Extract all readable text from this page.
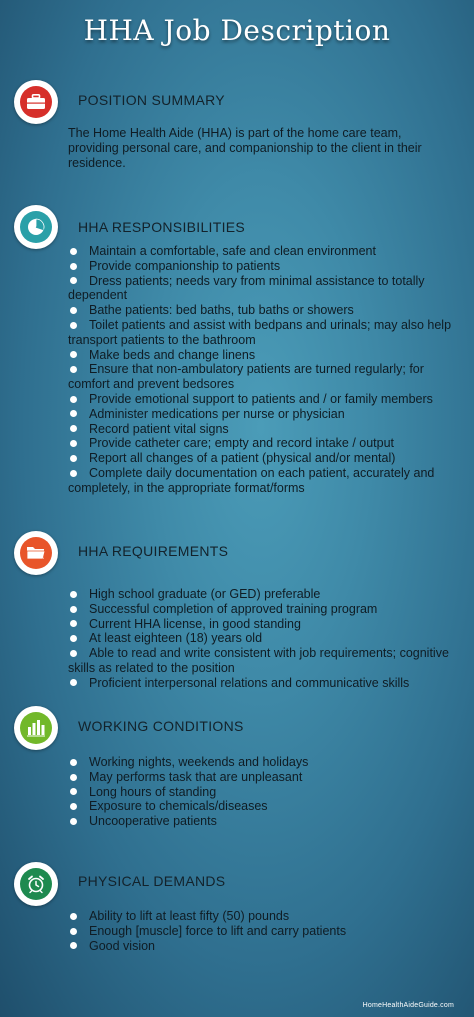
HHA Job Description
POSITION SUMMARY
The Home Health Aide (HHA) is part of the home care team, providing personal care, and companionship to the client in their residence.
HHA RESPONSIBILITIES
Maintain a comfortable, safe and clean environment
Provide companionship to patients
Dress patients; needs vary from minimal assistance to totally dependent
Bathe patients: bed baths, tub baths or showers
Toilet patients and assist with bedpans and urinals; may also help transport patients to the bathroom
Make beds and change linens
Ensure that non-ambulatory patients are turned regularly; for comfort and prevent bedsores
Provide emotional support to patients and / or family members
Administer medications per nurse or physician
Record patient vital signs
Provide catheter care; empty and record intake / output
Report all changes of a patient (physical and/or mental)
Complete daily documentation on each patient, accurately and completely, in the appropriate format/forms
HHA REQUIREMENTS
High school graduate (or GED) preferable
Successful completion of approved training program
Current HHA license, in good standing
At least eighteen (18) years old
Able to read and write consistent with job requirements; cognitive skills as related to the position
Proficient interpersonal relations and communicative skills
WORKING CONDITIONS
Working nights, weekends and holidays
May performs task that are unpleasant
Long hours of standing
Exposure to chemicals/diseases
Uncooperative patients
PHYSICAL DEMANDS
Ability to lift at least fifty (50) pounds
Enough [muscle] force to lift and carry patients
Good vision
HomeHealthAideGuide.com
